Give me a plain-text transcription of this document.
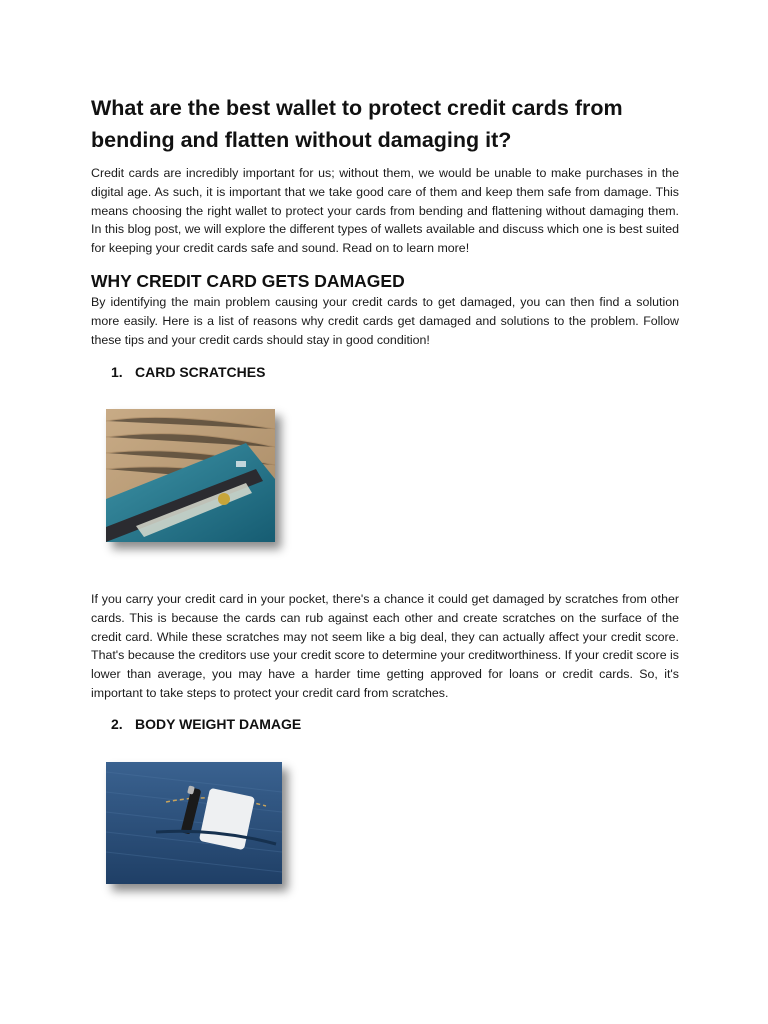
What are the best wallet to protect credit cards from bending and flatten without damaging it?

Credit cards are incredibly important for us; without them, we would be unable to make purchases in the digital age. As such, it is important that we take good care of them and keep them safe from damage. This means choosing the right wallet to protect your cards from bending and flattening without damaging them. In this blog post, we will explore the different types of wallets available and discuss which one is best suited for keeping your credit cards safe and sound. Read on to learn more!

WHY CREDIT CARD GETS DAMAGED

By identifying the main problem causing your credit cards to get damaged, you can then find a solution more easily. Here is a list of reasons why credit cards get damaged and solutions to the problem. Follow these tips and your credit cards should stay in good condition!

1. CARD SCRATCHES

If you carry your credit card in your pocket, there's a chance it could get damaged by scratches from other cards. This is because the cards can rub against each other and create scratches on the surface of the credit card. While these scratches may not seem like a big deal, they can actually affect your credit score. That's because the creditors use your credit score to determine your creditworthiness. If your credit score is lower than average, you may have a harder time getting approved for loans or credit cards. So, it's important to take steps to protect your credit card from scratches.

2. BODY WEIGHT DAMAGE
